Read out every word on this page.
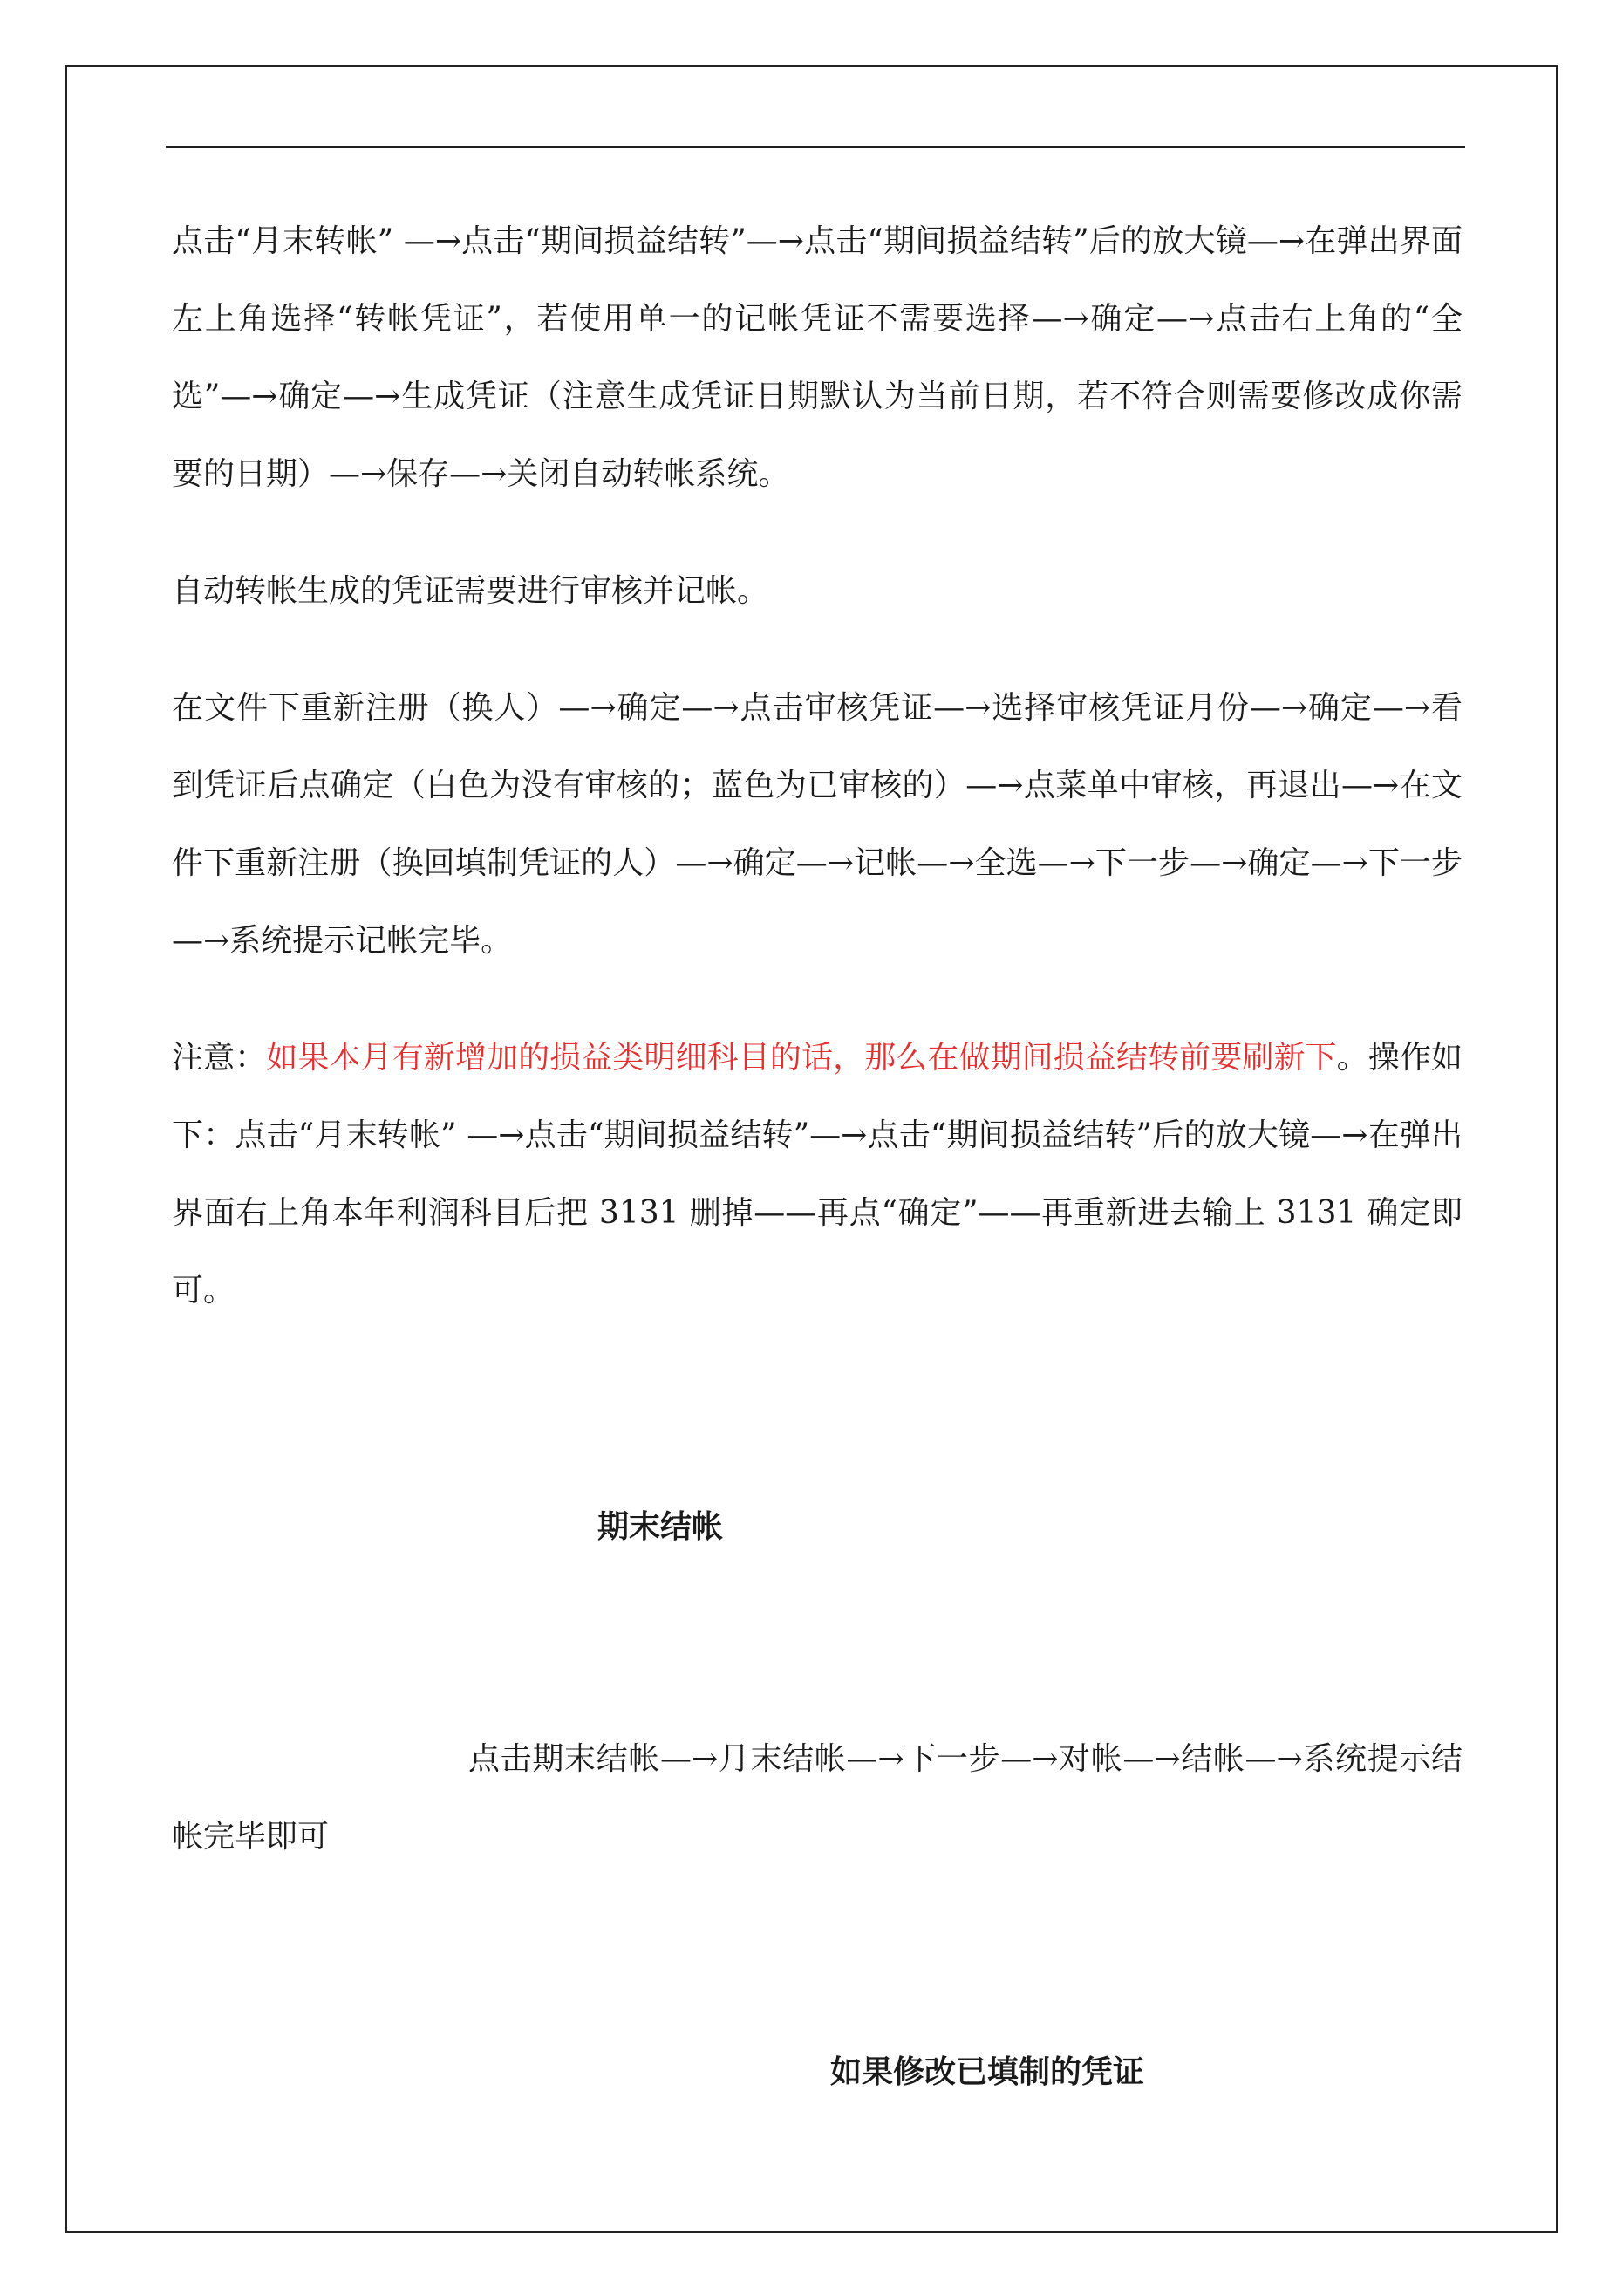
点击“月末转帐” —→点击“期间损益结转”—→点击“期间损益结转”后的放大镜—→在弹出界面左上角选择“转帐凭证”，若使用单一的记帐凭证不需要选择—→确定—→点击右上角的“全选”—→确定—→生成凭证（注意生成凭证日期默认为当前日期，若不符合则需要修改成你需要的日期）—→保存—→关闭自动转帐系统。

自动转帐生成的凭证需要进行审核并记帐。

在文件下重新注册（换人）—→确定—→点击审核凭证—→选择审核凭证月份—→确定—→看到凭证后点确定（白色为没有审核的；蓝色为已审核的）—→点菜单中审核，再退出—→在文件下重新注册（换回填制凭证的人）—→确定—→记帐—→全选—→下一步—→确定—→下一步—→系统提示记帐完毕。

注意：如果本月有新增加的损益类明细科目的话，那么在做期间损益结转前要刷新下。操作如下：点击“月末转帐” —→点击“期间损益结转”—→点击“期间损益结转”后的放大镜—→在弹出界面右上角本年利润科目后把 3131 删掉——再点“确定”——再重新进去输上 3131 确定即可。

期末结帐

点击期末结帐—→月末结帐—→下一步—→对帐—→结帐—→系统提示结帐完毕即可

如果修改已填制的凭证
